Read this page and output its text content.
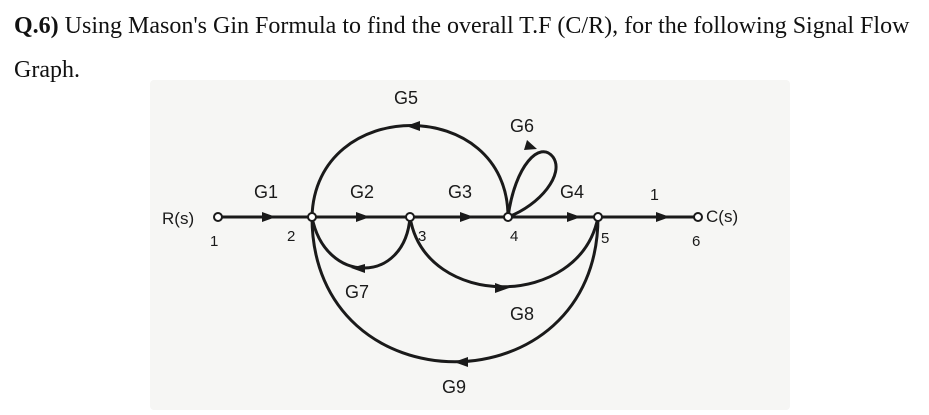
Q.6) Using Mason's Gin Formula to find the overall T.F (C/R), for the following Signal Flow Graph.
R(s)	C(s)
1	2	3	4	5	6
G1	G2	G3	G4	1
G5
G6
G7
G8
G9
